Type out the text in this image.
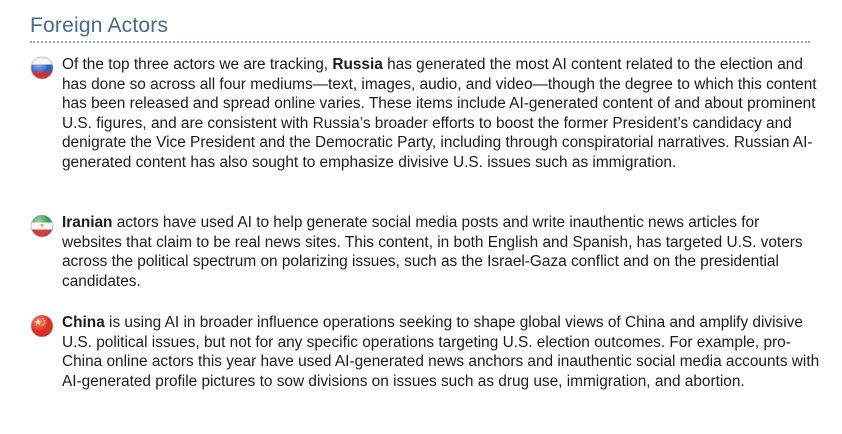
Foreign Actors

Of the top three actors we are tracking, Russia has generated the most AI content related to the election and has done so across all four mediums—text, images, audio, and video—though the degree to which this content has been released and spread online varies. These items include AI-generated content of and about prominent U.S. figures, and are consistent with Russia’s broader efforts to boost the former President’s candidacy and denigrate the Vice President and the Democratic Party, including through conspiratorial narratives. Russian AI-generated content has also sought to emphasize divisive U.S. issues such as immigration.

Iranian actors have used AI to help generate social media posts and write inauthentic news articles for websites that claim to be real news sites. This content, in both English and Spanish, has targeted U.S. voters across the political spectrum on polarizing issues, such as the Israel-Gaza conflict and on the presidential candidates.

China is using AI in broader influence operations seeking to shape global views of China and amplify divisive U.S. political issues, but not for any specific operations targeting U.S. election outcomes. For example, pro-China online actors this year have used AI-generated news anchors and inauthentic social media accounts with AI-generated profile pictures to sow divisions on issues such as drug use, immigration, and abortion.
